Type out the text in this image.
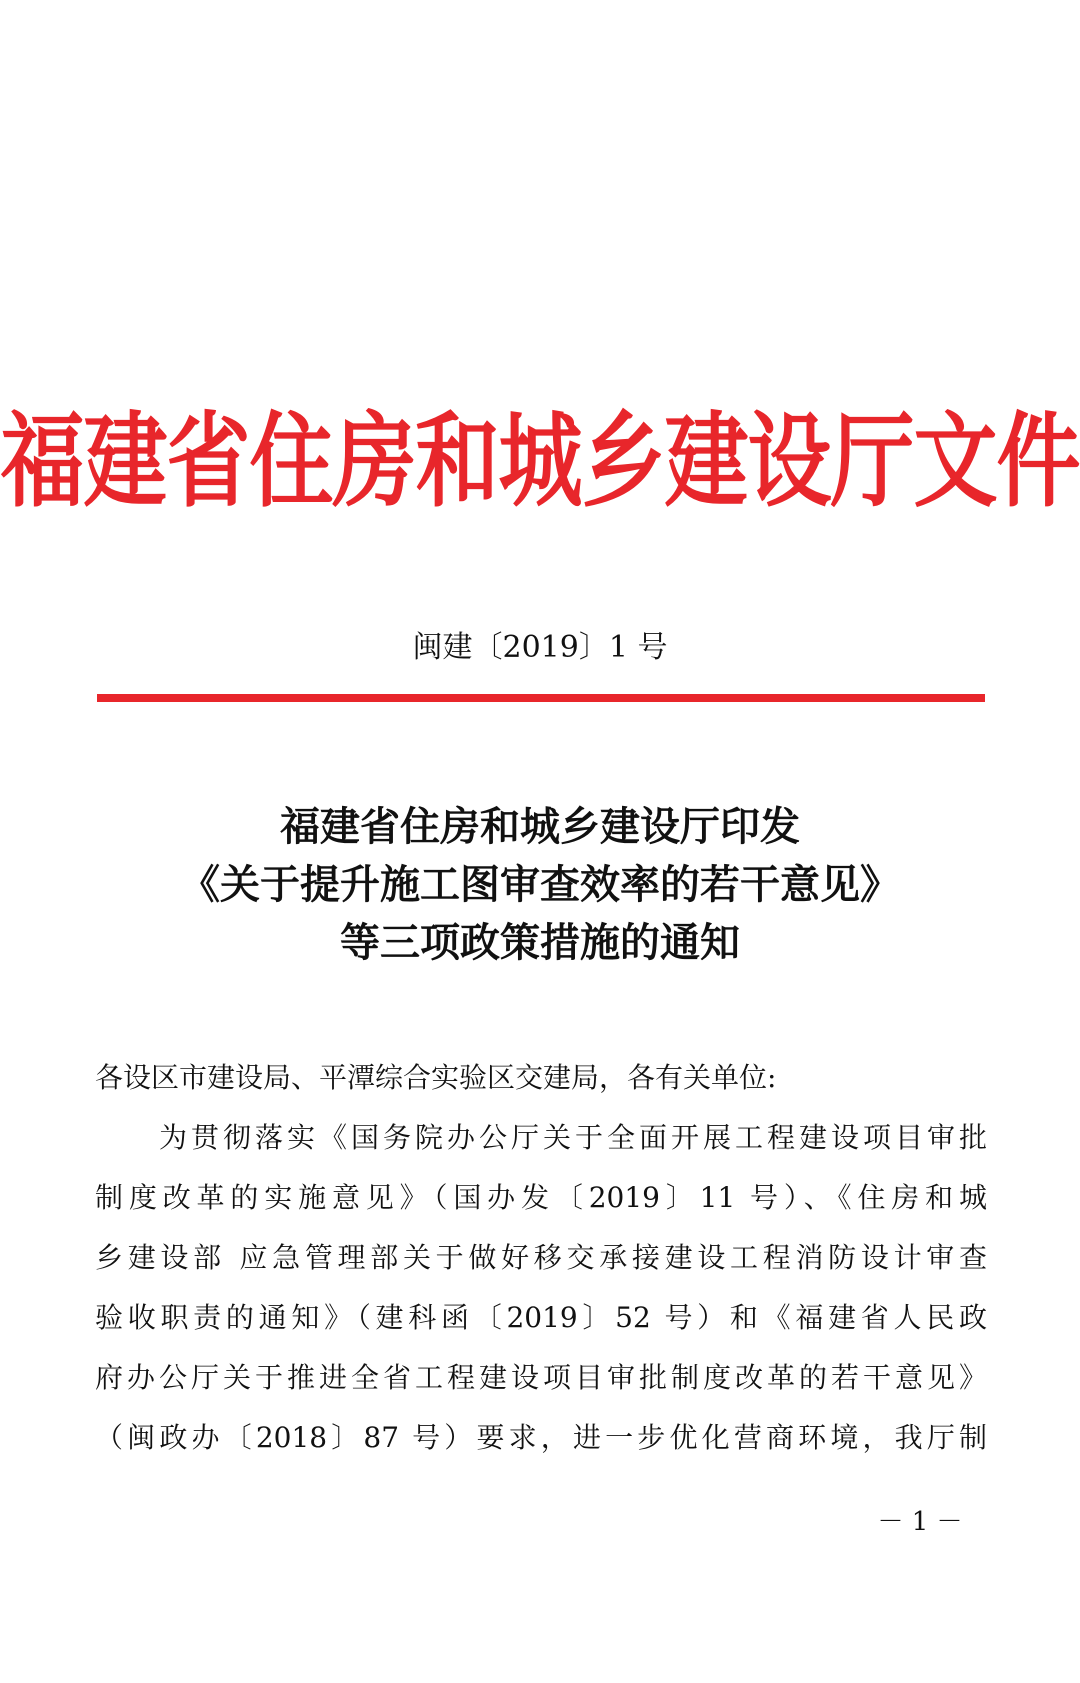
福建省住房和城乡建设厅文件
闽建〔2019〕1 号
福建省住房和城乡建设厅印发
《关于提升施工图审查效率的若干意见》
等三项政策措施的通知
各设区市建设局、平潭综合实验区交建局，各有关单位:
为贯彻落实《国务院办公厅关于全面开展工程建设项目审批
制度改革的实施意见》（国办发〔2019〕11 号）、《住房和城
乡建设部 应急管理部关于做好移交承接建设工程消防设计审查
验收职责的通知》（建科函〔2019〕52 号）和《福建省人民政
府办公厅关于推进全省工程建设项目审批制度改革的若干意见》
（闽政办〔2018〕87 号）要求，进一步优化营商环境，我厅制
－ 1 －
